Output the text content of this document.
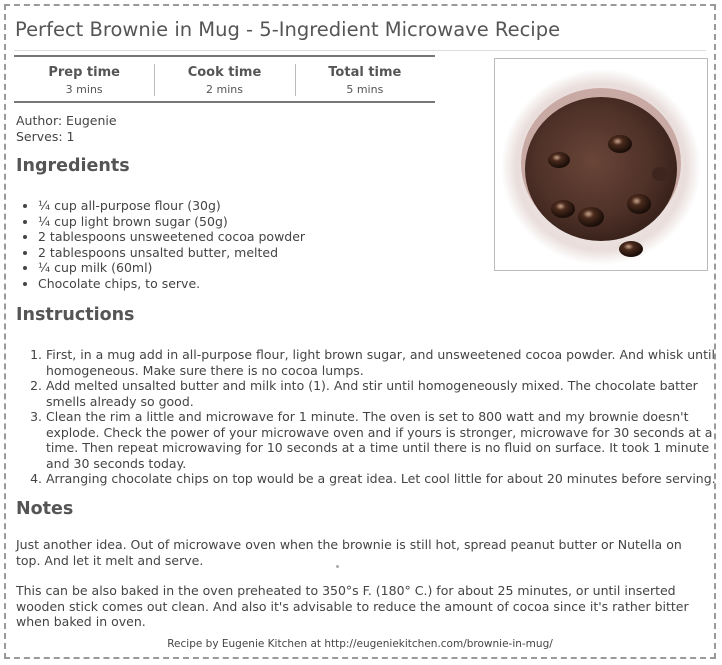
Perfect Brownie in Mug - 5-Ingredient Microwave Recipe
Prep time
3 mins
Cook time
2 mins
Total time
5 mins
Author: Eugenie
Serves: 1
Ingredients
• ¼ cup all-purpose flour (30g)
• ¼ cup light brown sugar (50g)
• 2 tablespoons unsweetened cocoa powder
• 2 tablespoons unsalted butter, melted
• ¼ cup milk (60ml)
• Chocolate chips, to serve.
Instructions
1. First, in a mug add in all-purpose flour, light brown sugar, and unsweetened cocoa powder. And whisk until homogeneous. Make sure there is no cocoa lumps.
2. Add melted unsalted butter and milk into (1). And stir until homogeneously mixed. The chocolate batter smells already so good.
3. Clean the rim a little and microwave for 1 minute. The oven is set to 800 watt and my brownie doesn't explode. Check the power of your microwave oven and if yours is stronger, microwave for 30 seconds at a time. Then repeat microwaving for 10 seconds at a time until there is no fluid on surface. It took 1 minute and 30 seconds today.
4. Arranging chocolate chips on top would be a great idea. Let cool little for about 20 minutes before serving.
Notes

Just another idea. Out of microwave oven when the brownie is still hot, spread peanut butter or Nutella on top. And let it melt and serve.

This can be also baked in the oven preheated to 350°s F. (180° C.) for about 25 minutes, or until inserted wooden stick comes out clean. And also it's advisable to reduce the amount of cocoa since it's rather bitter when baked in oven.

Recipe by Eugenie Kitchen at http://eugeniekitchen.com/brownie-in-mug/
